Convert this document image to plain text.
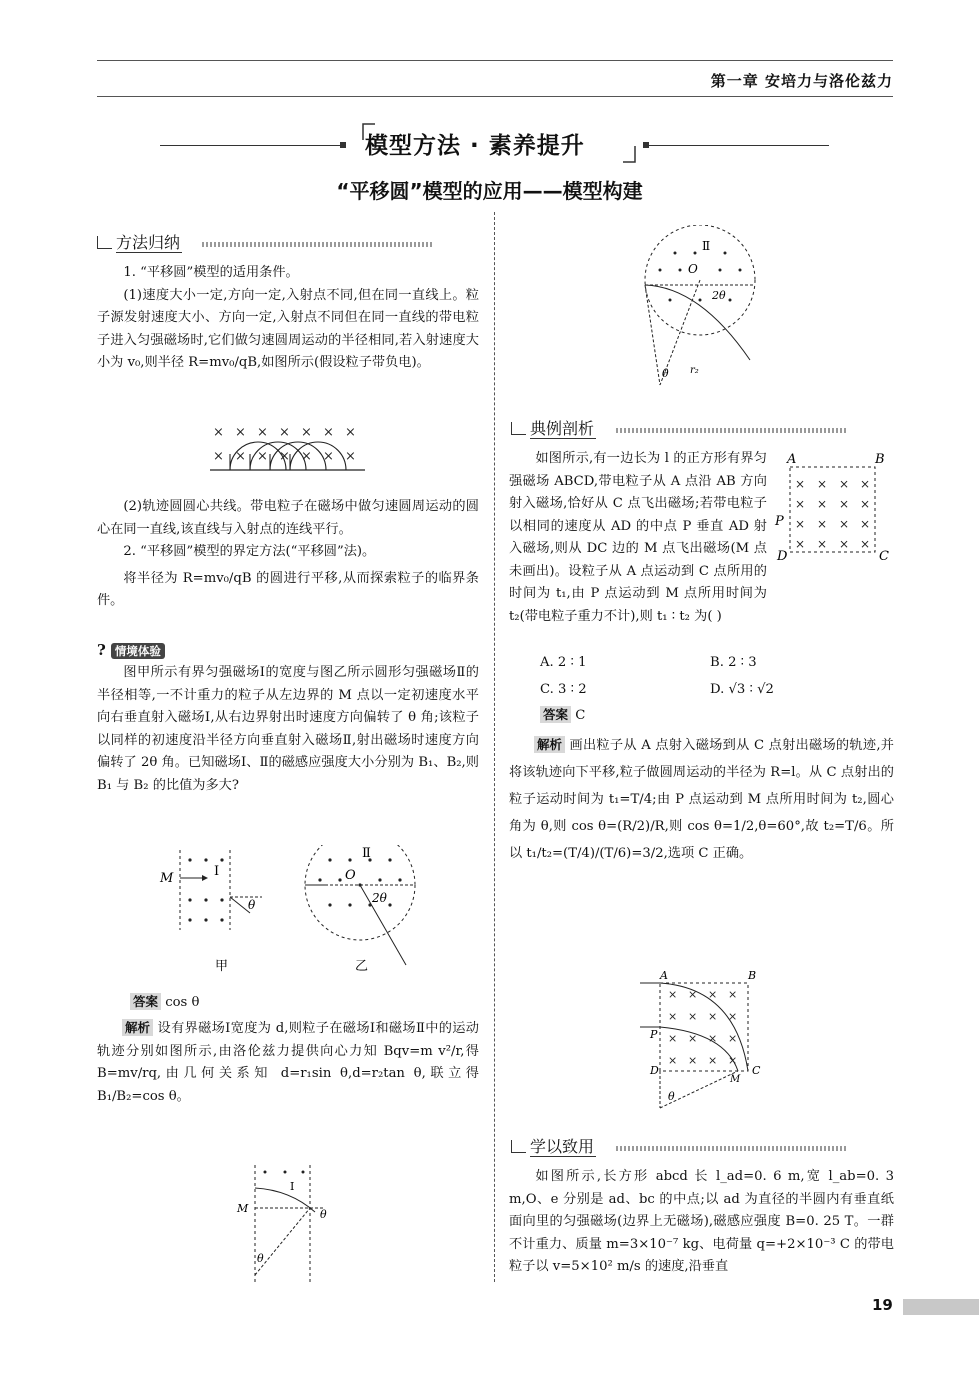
第一章 安培力与洛伦兹力
模型方法 · 素养提升
“平移圆”模型的应用——模型构建
方法归纳
1. “平移圆”模型的适用条件。
(1)速度大小一定,方向一定,入射点不同,但在同一直线上。粒子源发射速度大小、方向一定,入射点不同但在同一直线的带电粒子进入匀强磁场时,它们做匀速圆周运动的半径相同,若入射速度大小为 v₀,则半径 R=mv₀/qB,如图所示(假设粒子带负电)。
× × × × × × ×
× × × × × × ×
(2)轨迹圆圆心共线。带电粒子在磁场中做匀速圆周运动的圆心在同一直线,该直线与入射点的连线平行。
2. “平移圆”模型的界定方法(“平移圆”法)。
将半径为 R=mv₀/qB 的圆进行平移,从而探索粒子的临界条件。
? 情境体验
图甲所示有界匀强磁场Ⅰ的宽度与图乙所示圆形匀强磁场Ⅱ的半径相等,一不计重力的粒子从左边界的 M 点以一定初速度水平向右垂直射入磁场Ⅰ,从右边界射出时速度方向偏转了 θ 角;该粒子以同样的初速度沿半径方向垂直射入磁场Ⅱ,射出磁场时速度方向偏转了 2θ 角。已知磁场Ⅰ、Ⅱ的磁感应强度大小分别为 B₁、B₂,则 B₁ 与 B₂ 的比值为多大?
M	Ⅰ
θ
甲
Ⅱ
O
2θ
乙
答案 cos θ
解析 设有界磁场Ⅰ宽度为 d,则粒子在磁场Ⅰ和磁场Ⅱ中的运动轨迹分别如图所示,由洛伦兹力提供向心力知 Bqv=m v²/r,得 B=mv/rq,由几何关系知 d=r₁sin θ,d=r₂tan θ,联立得 B₁/B₂=cos θ。
M
Ⅰ
θ
θ
Ⅱ
O
2θ
θ r₂
典例剖析
A	B
D	C
P
× × × ×
× × × ×
× × × ×
× × × ×
如图所示,有一边长为 l 的正方形有界匀强磁场 ABCD,带电粒子从 A 点沿 AB 方向射入磁场,恰好从 C 点飞出磁场;若带电粒子以相同的速度从 AD 的中点 P 垂直 AD 射入磁场,则从 DC 边的 M 点飞出磁场(M 点未画出)。设粒子从 A 点运动到 C 点所用的时间为 t₁,由 P 点运动到 M 点所用时间为 t₂(带电粒子重力不计),则 t₁ ∶ t₂ 为( )
A. 2 ∶ 1	B. 2 ∶ 3
C. 3 ∶ 2	D. √3 ∶ √2
答案 C
解析 画出粒子从 A 点射入磁场到从 C 点射出磁场的轨迹,并将该轨迹向下平移,粒子做圆周运动的半径为 R=l。从 C 点射出的粒子运动时间为 t₁=T/4;由 P 点运动到 M 点所用时间为 t₂,圆心角为 θ,则 cos θ=(R/2)/R,则 cos θ=1/2,θ=60°,故 t₂=T/6。所以 t₁/t₂=(T/4)/(T/6)=3/2,选项 C 正确。
A	B
D	C
P
M
× × × ×
× × × ×
× × × ×
× × × ×
θ
学以致用
如图所示,长方形 abcd 长 l_ad=0. 6 m,宽 l_ab=0. 3 m,O、e 分别是 ad、bc 的中点;以 ad 为直径的半圆内有垂直纸面向里的匀强磁场(边界上无磁场),磁感应强度 B=0. 25 T。一群不计重力、质量 m=3×10⁻⁷ kg、电荷量 q=+2×10⁻³ C 的带电粒子以 v=5×10² m/s 的速度,沿垂直
19
